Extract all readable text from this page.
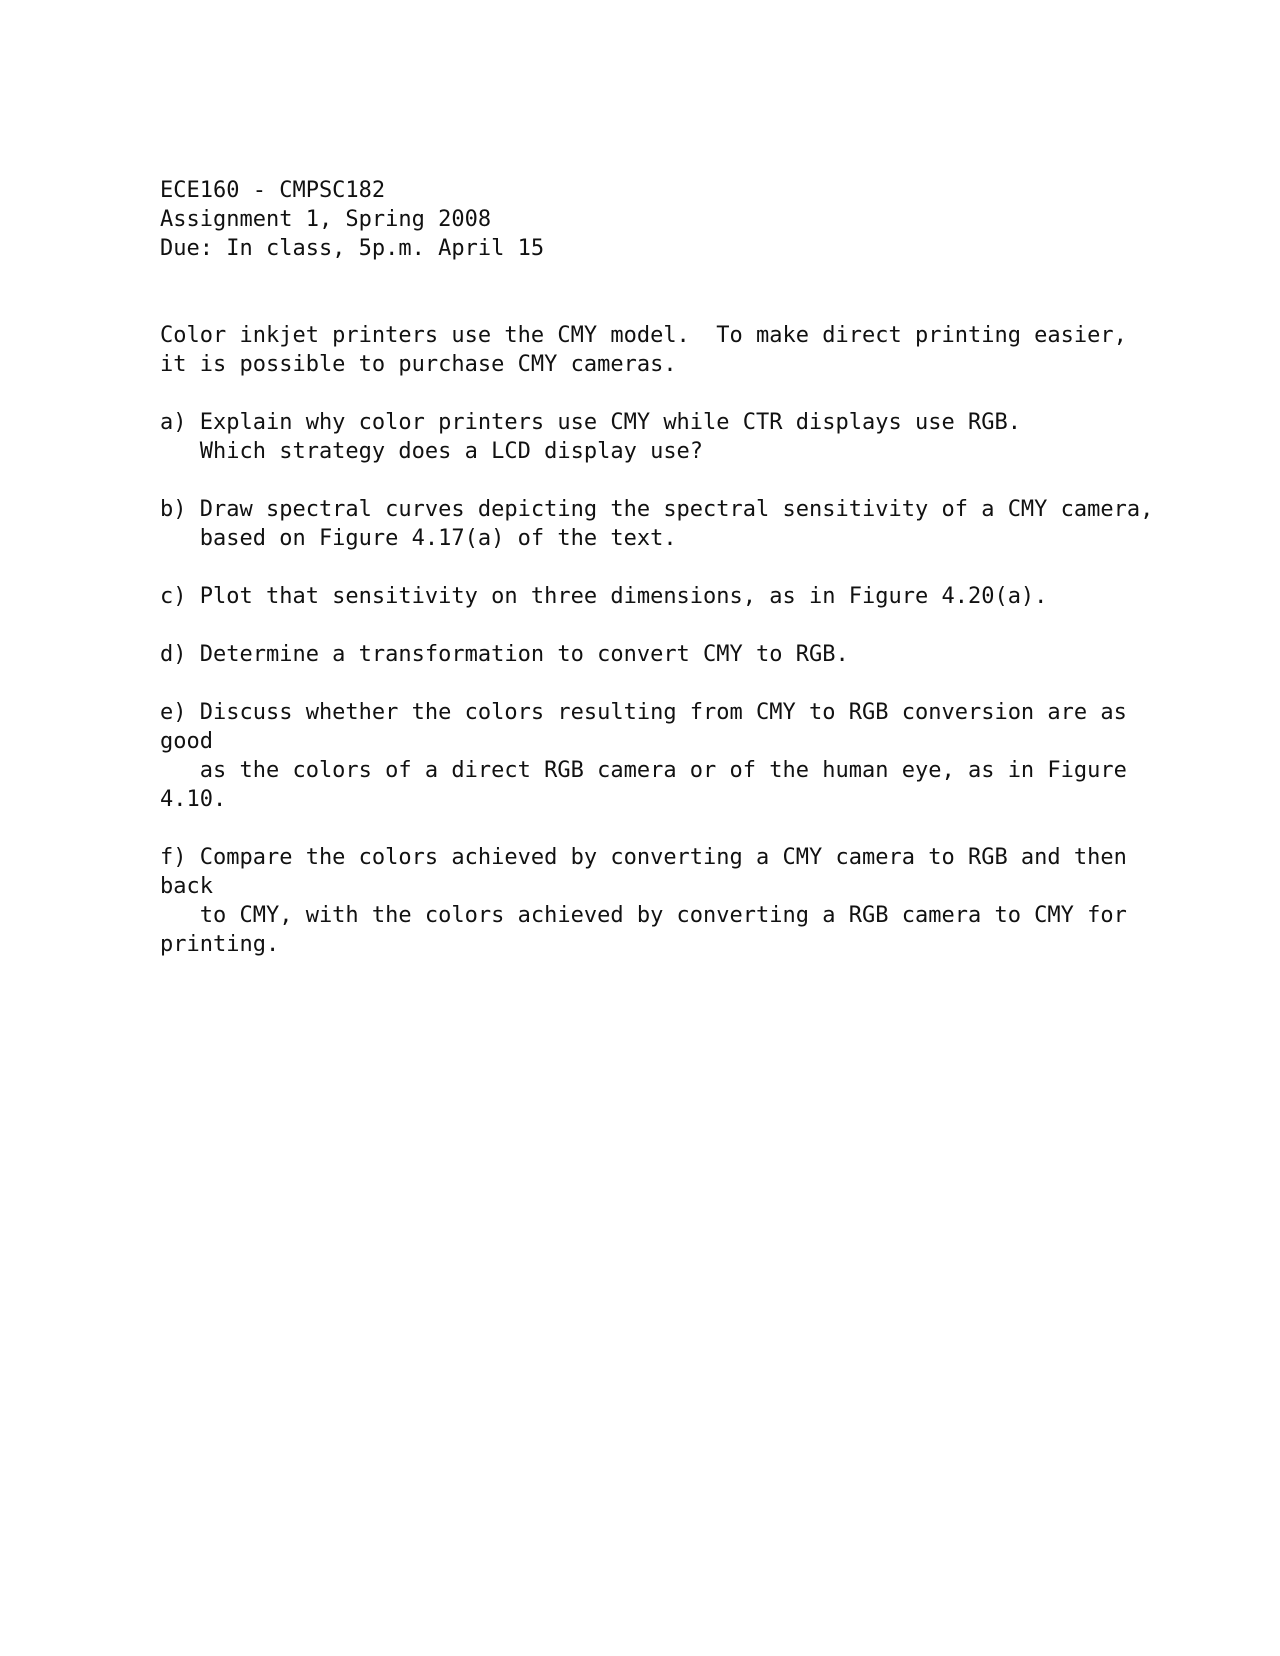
ECE160 - CMPSC182
Assignment 1, Spring 2008
Due: In class, 5p.m. April 15
Color inkjet printers use the CMY model.  To make direct printing easier,
it is possible to purchase CMY cameras.
a) Explain why color printers use CMY while CTR displays use RGB.
Which strategy does a LCD display use?
b) Draw spectral curves depicting the spectral sensitivity of a CMY camera,
based on Figure 4.17(a) of the text.
c) Plot that sensitivity on three dimensions, as in Figure 4.20(a).
d) Determine a transformation to convert CMY to RGB.
e) Discuss whether the colors resulting from CMY to RGB conversion are as
good
as the colors of a direct RGB camera or of the human eye, as in Figure
4.10.
f) Compare the colors achieved by converting a CMY camera to RGB and then
back
to CMY, with the colors achieved by converting a RGB camera to CMY for
printing.
